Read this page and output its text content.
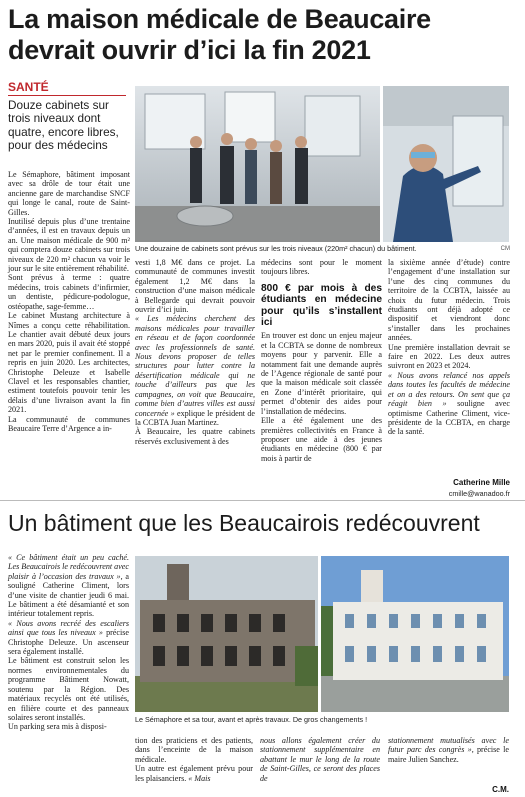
La maison médicale de Beaucaire devrait ouvrir d’ici la fin 2021
SANTÉ
Douze cabinets sur trois niveaux dont quatre, encore libres, pour des médecins

Le Sémaphore, bâtiment imposant avec sa drôle de tour était une ancienne gare de marchandise SNCF qui longe le canal, route de Saint-Gilles.

Inutilisé depuis plus d’une trentaine d’années, il est en travaux depuis un an. Une maison médicale de 900 m² qui comptera douze cabinets sur trois niveaux de 220 m² chacun va voir le jour sur le site entièrement réhabilité.

Sont prévus à terme : quatre médecins, trois cabinets d’infirmier, un dentiste, pédicure-podologue, ostéopathe, sage-femme…

Le cabinet Mustang architecture à Nîmes a conçu cette réhabilitation. Le chantier avait débuté deux jours en mars 2020, puis il avait été stoppé net par le premier confinement. Il a repris en juin 2020. Les architectes, Christophe Deleuze et Isabelle Clavel et les responsables chantier, estiment toutefois pouvoir tenir les délais d’une livraison avant la fin 2021.

La communauté de communes Beaucaire Terre d’Argence a in-

Une douzaine de cabinets sont prévus sur les trois niveaux (220m² chacun) du bâtiment.	CM

vesti 1,8 M€ dans ce projet. La communauté de communes investit également 1,2 M€ dans la construction d’une maison médicale à Bellegarde qui devrait pouvoir ouvrir d’ici juin.

« Les médecins cherchent des maisons médicales pour travailler en réseau et de façon coordonnée avec les professionnels de santé. Nous devons proposer de telles structures pour lutter contre la désertification médicale qui ne touche d’ailleurs pas que les campagnes, on voit que Beaucaire, comme bien d’autres villes est aussi concernée » explique le président de la CCBTA Juan Martinez.

À Beaucaire, les quatre cabinets réservés exclusivement à des

médecins sont pour le moment toujours libres.

800 € par mois à des étudiants en médecine pour qu’ils s’installent ici

En trouver est donc un enjeu majeur et la CCBTA se donne de nombreux moyens pour y parvenir. Elle a notamment fait une demande auprès de l’Agence régionale de santé pour que la maison médicale soit classée en Zone d’intérêt prioritaire, qui permet d’obtenir des aides pour l’installation de médecins.

Elle a été également une des premières collectivités en France à proposer une aide à des jeunes étudiants en médecine (800 € par mois à partir de

la sixième année d’étude) contre l’engagement d’une installation sur l’une des cinq communes du territoire de la CCBTA, laissée au choix du futur médecin. Trois étudiants ont déjà adopté ce dispositif et viendront donc s’installer dans les prochaines années.

Une première installation devrait se faire en 2022. Les deux autres suivront en 2023 et 2024.

« Nous avons relancé nos appels dans toutes les facultés de médecine et on a des retours. On sent que ça réagit bien » souligne avec optimisme Catherine Climent, vice-présidente de la CCBTA, en charge de la santé.

Catherine Mille
cmille@wanadoo.fr
Un bâtiment que les Beaucairois redécouvrent

« Ce bâtiment était un peu caché. Les Beaucairois le redécouvrent avec plaisir à l’occasion des travaux », a souligné Catherine Climent, lors d’une visite de chantier jeudi 6 mai. Le bâtiment a été désamianté et son intérieur totalement repris.

« Nous avons recréé des escaliers ainsi que tous les niveaux » précise Christophe Deleuze. Un ascenseur sera également installé.

Le bâtiment est construit selon les normes environnementales du programme Bâtiment Nowatt, soutenu par la Région. Des matériaux recyclés ont été utilisés, en filière courte et des panneaux solaires seront installés.

Un parking sera mis à disposi-

Le Sémaphore et sa tour, avant et après travaux. De gros changements !

tion des praticiens et des patients, dans l’enceinte de la maison médicale.

Un autre est également prévu pour les plaisanciers. « Mais

nous allons également créer du stationnement supplémentaire en abattant le mur le long de la route de Saint-Gilles, ce seront des places de

stationnement mutualisés avec le futur parc des congrès », précise le maire Julien Sanchez.

C.M.
